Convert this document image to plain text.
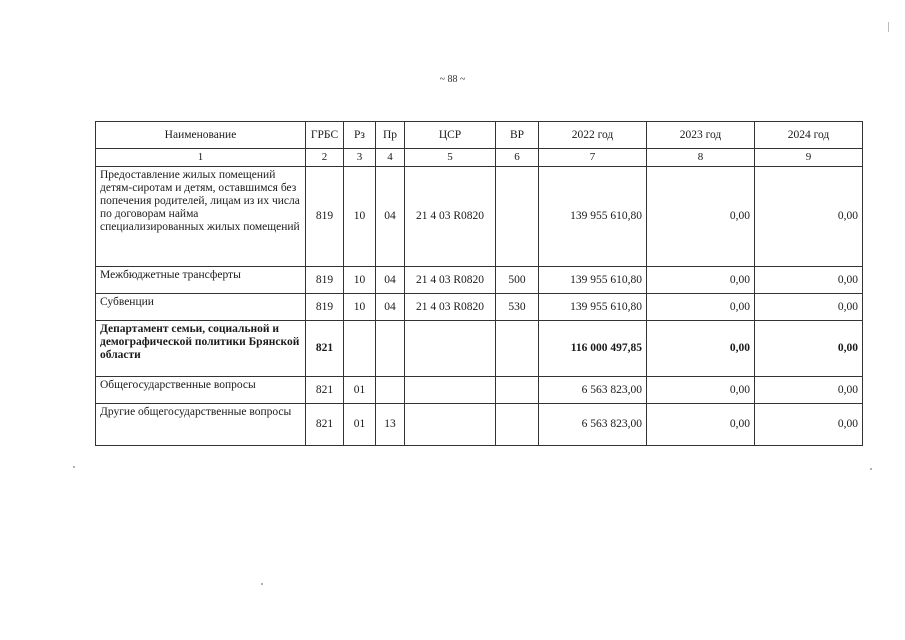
~ 88 ~
Наименование	ГРБС	Рз	Пр	ЦСР	ВР	2022 год	2023 год	2024 год
1	2	3	4	5	6	7	8	9
Предоставление жилых помещений детям-сиротам и детям, оставшимся без попечения родителей, лицам из их числа по договорам найма специализированных жилых помещений	819	10	04	21 4 03 R0820		139 955 610,80	0,00	0,00
Межбюджетные трансферты	819	10	04	21 4 03 R0820	500	139 955 610,80	0,00	0,00
Субвенции	819	10	04	21 4 03 R0820	530	139 955 610,80	0,00	0,00
Департамент семьи, социальной и демографической политики Брянской области	821					116 000 497,85	0,00	0,00
Общегосударственные вопросы	821	01				6 563 823,00	0,00	0,00
Другие общегосударственные вопросы	821	01	13			6 563 823,00	0,00	0,00
